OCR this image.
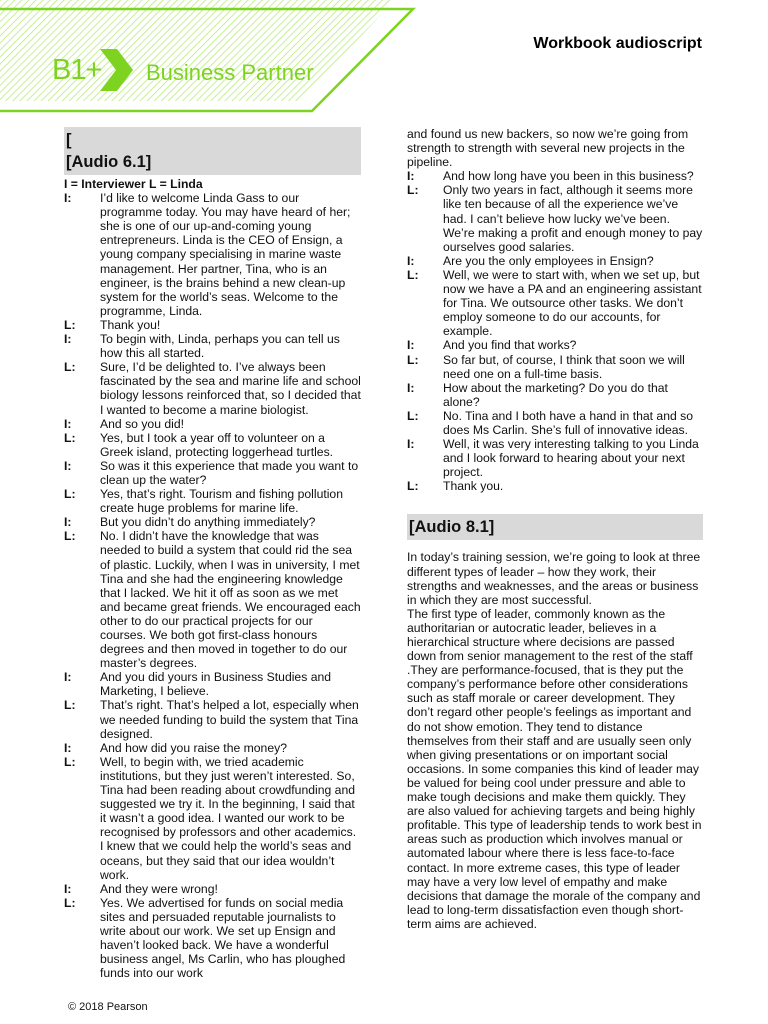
B1+ Business Partner
Workbook audioscript
[
[Audio 6.1]
I = Interviewer L = Linda

I: I’d like to welcome Linda Gass to our programme today. You may have heard of her; she is one of our up-and-coming young entrepreneurs. Linda is the CEO of Ensign, a young company specialising in marine waste management. Her partner, Tina, who is an engineer, is the brains behind a new clean-up system for the world’s seas. Welcome to the programme, Linda.

L: Thank you!

I: To begin with, Linda, perhaps you can tell us how this all started.

L: Sure, I’d be delighted to. I’ve always been fascinated by the sea and marine life and school biology lessons reinforced that, so I decided that I wanted to become a marine biologist.

I: And so you did!

L: Yes, but I took a year off to volunteer on a Greek island, protecting loggerhead turtles.

I: So was it this experience that made you want to clean up the water?

L: Yes, that’s right. Tourism and fishing pollution create huge problems for marine life.

I: But you didn’t do anything immediately?

L: No. I didn’t have the knowledge that was needed to build a system that could rid the sea of plastic. Luckily, when I was in university, I met Tina and she had the engineering knowledge that I lacked. We hit it off as soon as we met and became great friends. We encouraged each other to do our practical projects for our courses. We both got first-class honours degrees and then moved in together to do our master’s degrees.

I: And you did yours in Business Studies and Marketing, I believe.

L: That’s right. That’s helped a lot, especially when we needed funding to build the system that Tina designed.

I: And how did you raise the money?

L: Well, to begin with, we tried academic institutions, but they just weren’t interested. So, Tina had been reading about crowdfunding and suggested we try it. In the beginning, I said that it wasn’t a good idea. I wanted our work to be recognised by professors and other academics. I knew that we could help the world’s seas and oceans, but they said that our idea wouldn’t work.

I: And they were wrong!

L: Yes. We advertised for funds on social media sites and persuaded reputable journalists to write about our work. We set up Ensign and haven’t looked back. We have a wonderful business angel, Ms Carlin, who has ploughed funds into our work

and found us new backers, so now we’re going from strength to strength with several new projects in the pipeline.

I: And how long have you been in this business?

L: Only two years in fact, although it seems more like ten because of all the experience we’ve had. I can’t believe how lucky we’ve been. We’re making a profit and enough money to pay ourselves good salaries.

I: Are you the only employees in Ensign?

L: Well, we were to start with, when we set up, but now we have a PA and an engineering assistant for Tina. We outsource other tasks. We don’t employ someone to do our accounts, for example.

I: And you find that works?

L: So far but, of course, I think that soon we will need one on a full-time basis.

I: How about the marketing? Do you do that alone?

L: No. Tina and I both have a hand in that and so does Ms Carlin. She’s full of innovative ideas.

I: Well, it was very interesting talking to you Linda and I look forward to hearing about your next project.

L: Thank you.

[Audio 8.1]

In today’s training session, we’re going to look at three different types of leader – how they work, their strengths and weaknesses, and the areas or business in which they are most successful.
The first type of leader, commonly known as the authoritarian or autocratic leader, believes in a hierarchical structure where decisions are passed down from senior management to the rest of the staff .They are performance-focused, that is they put the company’s performance before other considerations such as staff morale or career development. They don’t regard other people’s feelings as important and do not show emotion. They tend to distance themselves from their staff and are usually seen only when giving presentations or on important social occasions. In some companies this kind of leader may be valued for being cool under pressure and able to make tough decisions and make them quickly. They are also valued for achieving targets and being highly profitable. This type of leadership tends to work best in areas such as production which involves manual or automated labour where there is less face-to-face contact. In more extreme cases, this type of leader may have a very low level of empathy and make decisions that damage the morale of the company and lead to long-term dissatisfaction even though short-term aims are achieved.

© 2018 Pearson
